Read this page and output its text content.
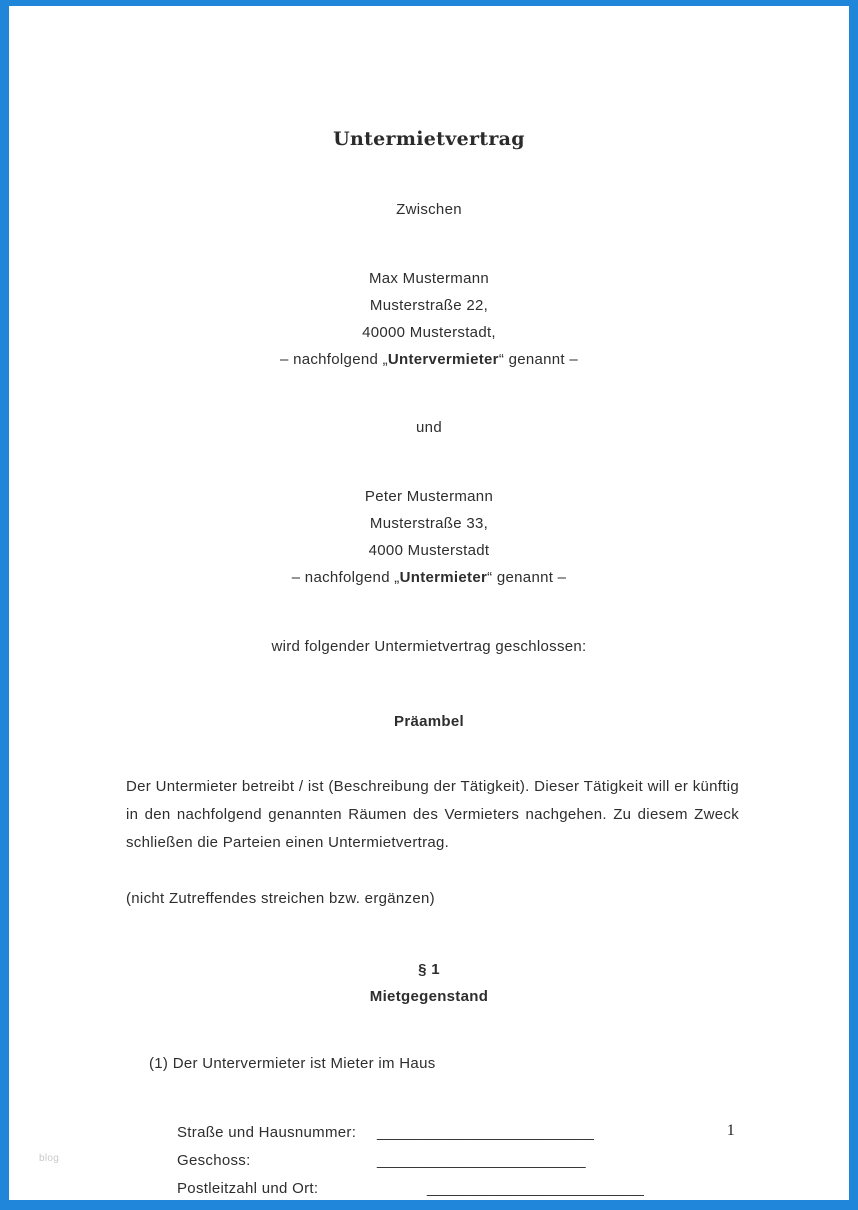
Untermietvertrag

Zwischen

Max Mustermann

Musterstraße 22,

40000 Musterstadt,

– nachfolgend „Untervermieter“ genannt –

und

Peter Mustermann

Musterstraße 33,

4000 Musterstadt

– nachfolgend „Untermieter“ genannt –

wird folgender Untermietvertrag geschlossen:

Präambel

Der Untermieter betreibt / ist (Beschreibung der Tätigkeit). Dieser Tätigkeit will er künftig in den nachfolgend genannten Räumen des Vermieters nachgehen. Zu diesem Zweck schließen die Parteien einen Untermietvertrag.

(nicht Zutreffendes streichen bzw. ergänzen)

§ 1

Mietgegenstand

(1) Der Untervermieter ist Mieter im Haus

Straße und Hausnummer:	__________________________
Geschoss:	_________________________
Postleitzahl und Ort:	__________________________
1
blog
